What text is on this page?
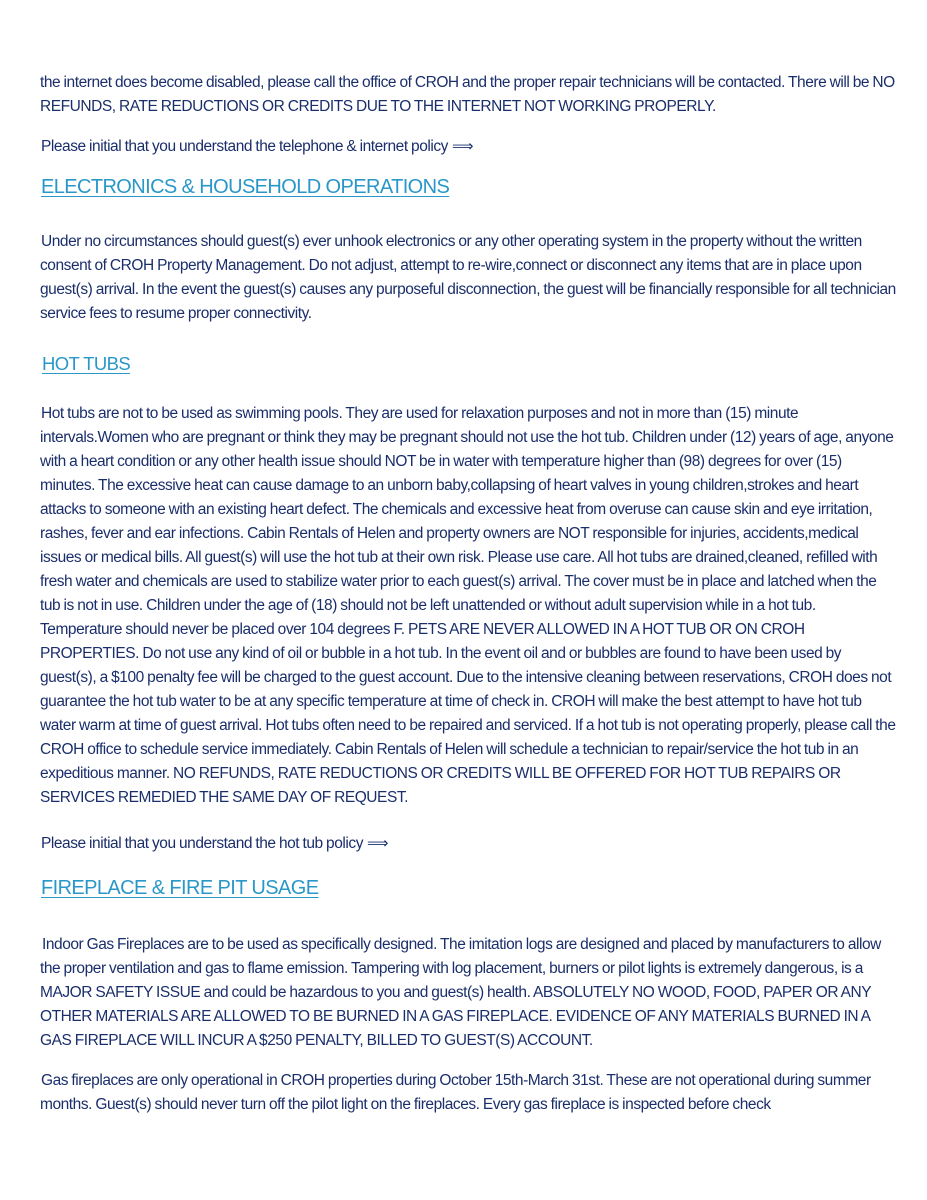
the internet does become disabled, please call the office of CROH and the proper repair technicians will be contacted. There will be NO REFUNDS, RATE REDUCTIONS OR CREDITS DUE TO THE INTERNET NOT WORKING PROPERLY.

Please initial that you understand the telephone & internet policy ⟹

ELECTRONICS & HOUSEHOLD OPERATIONS

Under no circumstances should guest(s) ever unhook electronics or any other operating system in the property without the written consent of CROH Property Management. Do not adjust, attempt to re-wire,connect or disconnect any items that are in place upon guest(s) arrival. In the event the guest(s) causes any purposeful disconnection, the guest will be financially responsible for all technician service fees to resume proper connectivity.

HOT TUBS

Hot tubs are not to be used as swimming pools. They are used for relaxation purposes and not in more than (15) minute intervals.Women who are pregnant or think they may be pregnant should not use the hot tub. Children under (12) years of age, anyone with a heart condition or any other health issue should NOT be in water with temperature higher than (98) degrees for over (15) minutes. The excessive heat can cause damage to an unborn baby,collapsing of heart valves in young children,strokes and heart attacks to someone with an existing heart defect. The chemicals and excessive heat from overuse can cause skin and eye irritation, rashes, fever and ear infections. Cabin Rentals of Helen and property owners are NOT responsible for injuries, accidents,medical issues or medical bills. All guest(s) will use the hot tub at their own risk. Please use care. All hot tubs are drained,cleaned, refilled with fresh water and chemicals are used to stabilize water prior to each guest(s) arrival. The cover must be in place and latched when the tub is not in use. Children under the age of (18) should not be left unattended or without adult supervision while in a hot tub. Temperature should never be placed over 104 degrees F. PETS ARE NEVER ALLOWED IN A HOT TUB OR ON CROH PROPERTIES. Do not use any kind of oil or bubble in a hot tub. In the event oil and or bubbles are found to have been used by guest(s), a $100 penalty fee will be charged to the guest account. Due to the intensive cleaning between reservations, CROH does not guarantee the hot tub water to be at any specific temperature at time of check in. CROH will make the best attempt to have hot tub water warm at time of guest arrival. Hot tubs often need to be repaired and serviced. If a hot tub is not operating properly, please call the CROH office to schedule service immediately. Cabin Rentals of Helen will schedule a technician to repair/service the hot tub in an expeditious manner. NO REFUNDS, RATE REDUCTIONS OR CREDITS WILL BE OFFERED FOR HOT TUB REPAIRS OR SERVICES REMEDIED THE SAME DAY OF REQUEST.

Please initial that you understand the hot tub policy ⟹

FIREPLACE & FIRE PIT USAGE

Indoor Gas Fireplaces are to be used as specifically designed. The imitation logs are designed and placed by manufacturers to allow the proper ventilation and gas to flame emission. Tampering with log placement, burners or pilot lights is extremely dangerous, is a MAJOR SAFETY ISSUE and could be hazardous to you and guest(s) health. ABSOLUTELY NO WOOD, FOOD, PAPER OR ANY OTHER MATERIALS ARE ALLOWED TO BE BURNED IN A GAS FIREPLACE. EVIDENCE OF ANY MATERIALS BURNED IN A GAS FIREPLACE WILL INCUR A $250 PENALTY, BILLED TO GUEST(S) ACCOUNT.

Gas fireplaces are only operational in CROH properties during October 15th-March 31st. These are not operational during summer months. Guest(s) should never turn off the pilot light on the fireplaces. Every gas fireplace is inspected before check
